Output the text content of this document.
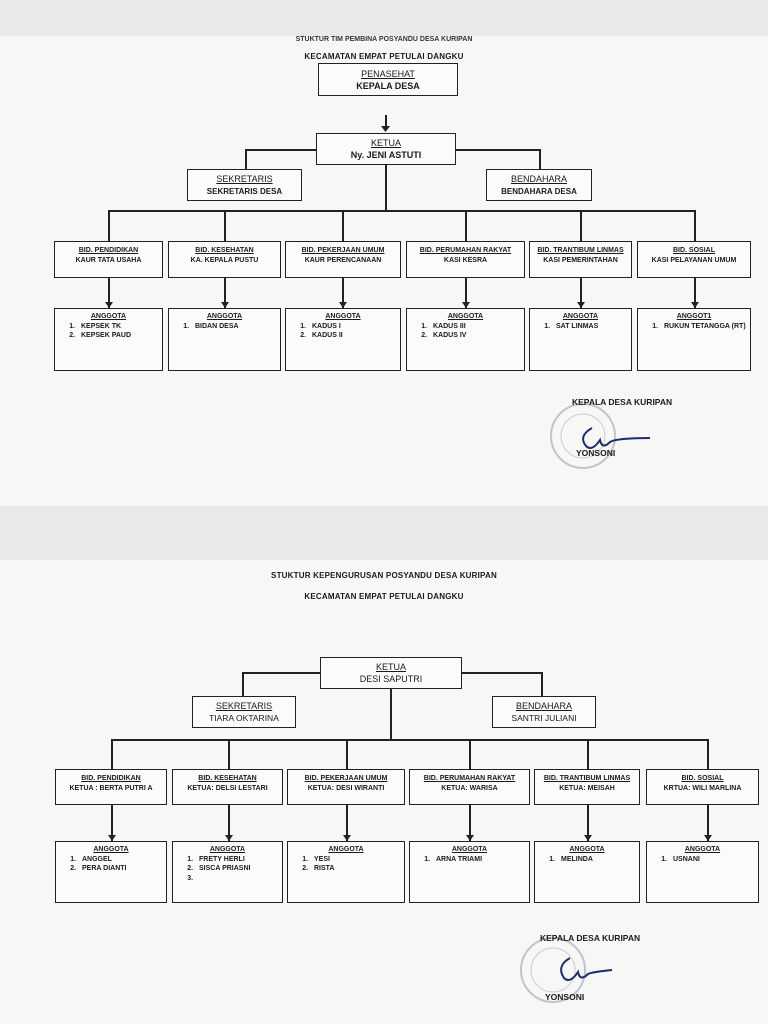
STUKTUR TIM PEMBINA POSYANDU DESA KURIPAN
KECAMATAN EMPAT PETULAI DANGKU
PENASEHAT
KEPALA DESA
KETUA
Ny. JENI ASTUTI
SEKRETARIS
SEKRETARIS DESA
BENDAHARA
BENDAHARA DESA
BID. PENDIDIKAN
KAUR TATA USAHA
BID. KESEHATAN
KA. KEPALA PUSTU
BID. PEKERJAAN UMUM
KAUR PERENCANAAN
BID. PERUMAHAN RAKYAT
KASI KESRA
BID. TRANTIBUM LINMAS
KASI PEMERINTAHAN
BID. SOSIAL
KASI PELAYANAN UMUM
ANGGOTA
1. KEPSEK TK
2. KEPSEK PAUD
ANGGOTA
1. BIDAN DESA
ANGGOTA
1. KADUS I
2. KADUS II
ANGGOTA
1. KADUS III
2. KADUS IV
ANGGOTA
1. SAT LINMAS
ANGGOT1
1. RUKUN TETANGGA (RT)
KEPALA DESA KURIPAN
YONSONI
STUKTUR KEPENGURUSAN POSYANDU DESA KURIPAN
KECAMATAN EMPAT PETULAI DANGKU
KETUA
DESI SAPUTRI
SEKRETARIS
TIARA OKTARINA
BENDAHARA
SANTRI JULIANI
BID. PENDIDIKAN
KETUA : BERTA PUTRI A
BID. KESEHATAN
KETUA: DELSI LESTARI
BID. PEKERJAAN UMUM
KETUA: DESI WIRANTI
BID. PERUMAHAN RAKYAT
KETUA: WARISA
BID. TRANTIBUM LINMAS
KETUA: MEISAH
BID. SOSIAL
KRTUA: WILI MARLINA
ANGGOTA
1. ANGGEL
2. PERA DIANTI
ANGGOTA
1. FRETY HERLI
2. SISCA PRIASNI
3.
ANGGOTA
1. YESI
2. RISTA
ANGGOTA
1. ARNA TRIAMI
ANGGOTA
1. MELINDA
ANGGOTA
1. USNANI
KEPALA DESA KURIPAN
YONSONI
